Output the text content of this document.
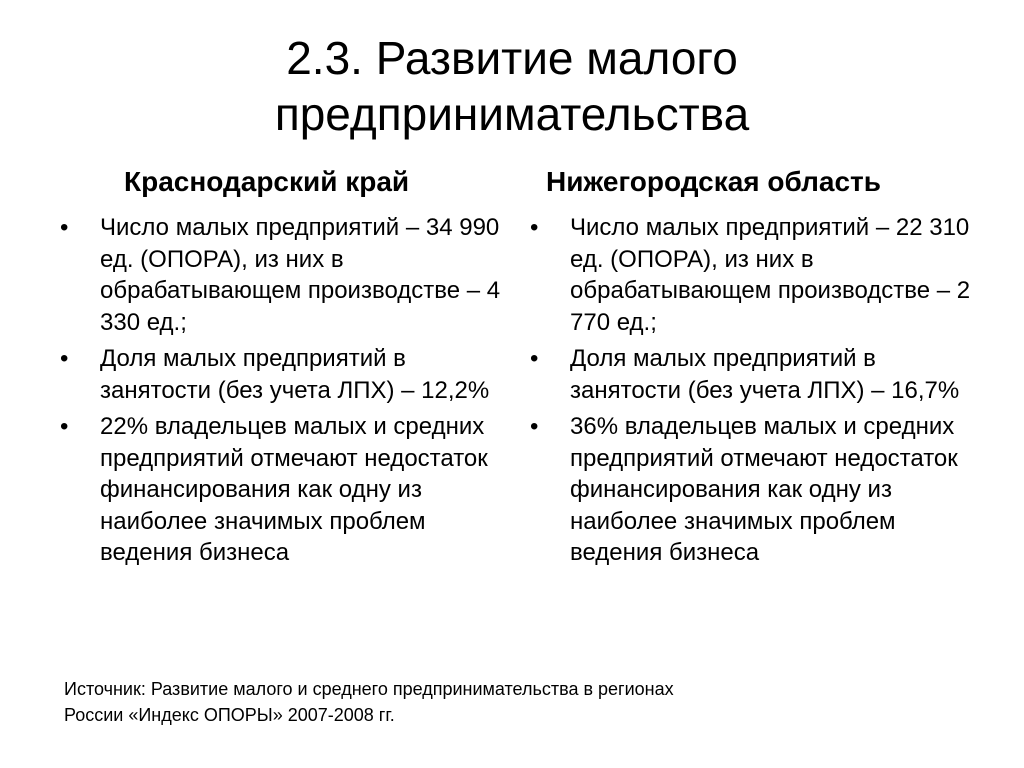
2.3. Развитие малого
предпринимательства
Краснодарский край
• Число малых предприятий – 34 990 ед. (ОПОРА), из них в обрабатывающем производстве – 4 330 ед.;
• Доля малых предприятий в занятости (без учета ЛПХ) – 12,2%
• 22% владельцев малых и средних предприятий отмечают недостаток финансирования как одну из наиболее значимых проблем ведения бизнеса
Нижегородская область
• Число малых предприятий – 22 310 ед. (ОПОРА), из них в обрабатывающем производстве – 2 770 ед.;
• Доля малых предприятий в занятости (без учета ЛПХ) – 16,7%
• 36% владельцев малых и средних предприятий отмечают недостаток финансирования как одну из наиболее значимых проблем ведения бизнеса
Источник: Развитие малого и среднего предпринимательства в регионах
России «Индекс ОПОРЫ» 2007-2008 гг.
